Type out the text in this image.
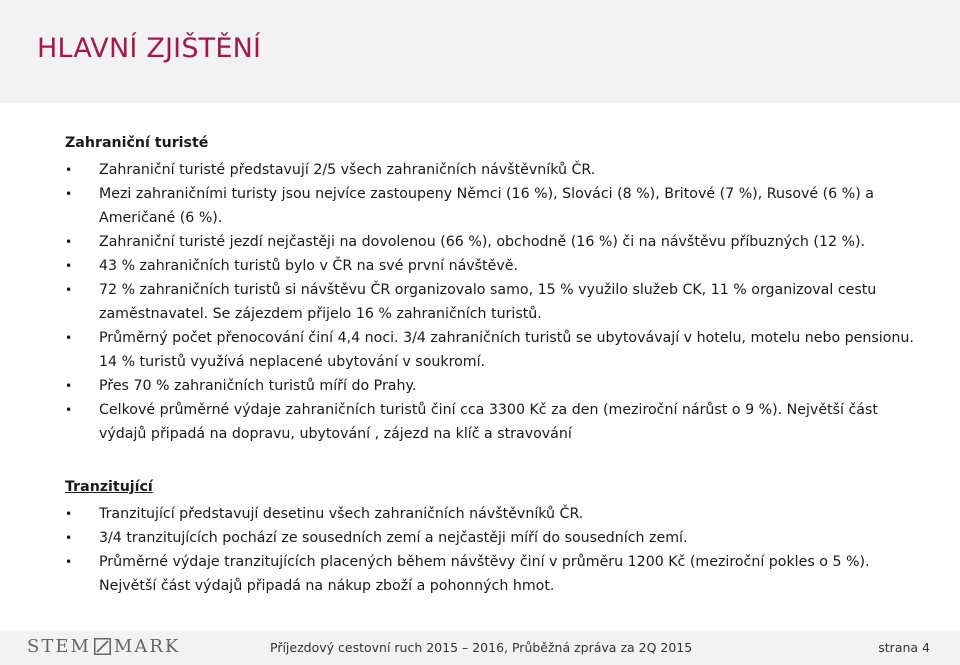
HLAVNÍ ZJIŠTĚNÍ

Zahraniční turisté

• Zahraniční turisté představují 2/5 všech zahraničních návštěvníků ČR.
• Mezi zahraničními turisty jsou nejvíce zastoupeny Němci (16 %), Slováci (8 %), Britové (7 %), Rusové (6 %) a Američané (6 %).
• Zahraniční turisté jezdí nejčastěji na dovolenou (66 %), obchodně (16 %) či na návštěvu příbuzných (12 %).
• 43 % zahraničních turistů bylo v ČR na své první návštěvě.
• 72 % zahraničních turistů si návštěvu ČR organizovalo samo, 15 % využilo služeb CK, 11 % organizoval cestu zaměstnavatel. Se zájezdem přijelo 16 % zahraničních turistů.
• Průměrný počet přenocování činí 4,4 noci. 3/4 zahraničních turistů se ubytovávají v hotelu, motelu nebo pensionu. 14 % turistů využívá neplacené ubytování v soukromí.
• Přes 70 % zahraničních turistů míří do Prahy.
• Celkové průměrné výdaje zahraničních turistů činí cca 3300 Kč za den (meziroční nárůst o 9 %). Největší část výdajů připadá na dopravu, ubytování , zájezd na klíč a stravování

Tranzitující

• Tranzitující představují desetinu všech zahraničních návštěvníků ČR.
• 3/4 tranzitujících pochází ze sousedních zemí a nejčastěji míří do sousedních zemí.
• Průměrné výdaje tranzitujících placených během návštěvy činí v průměru 1200 Kč (meziroční pokles o 5 %). Největší část výdajů připadá na nákup zboží a pohonných hmot.
STEM MARK	Příjezdový cestovní ruch 2015 – 2016, Průběžná zpráva za 2Q 2015	strana 4
